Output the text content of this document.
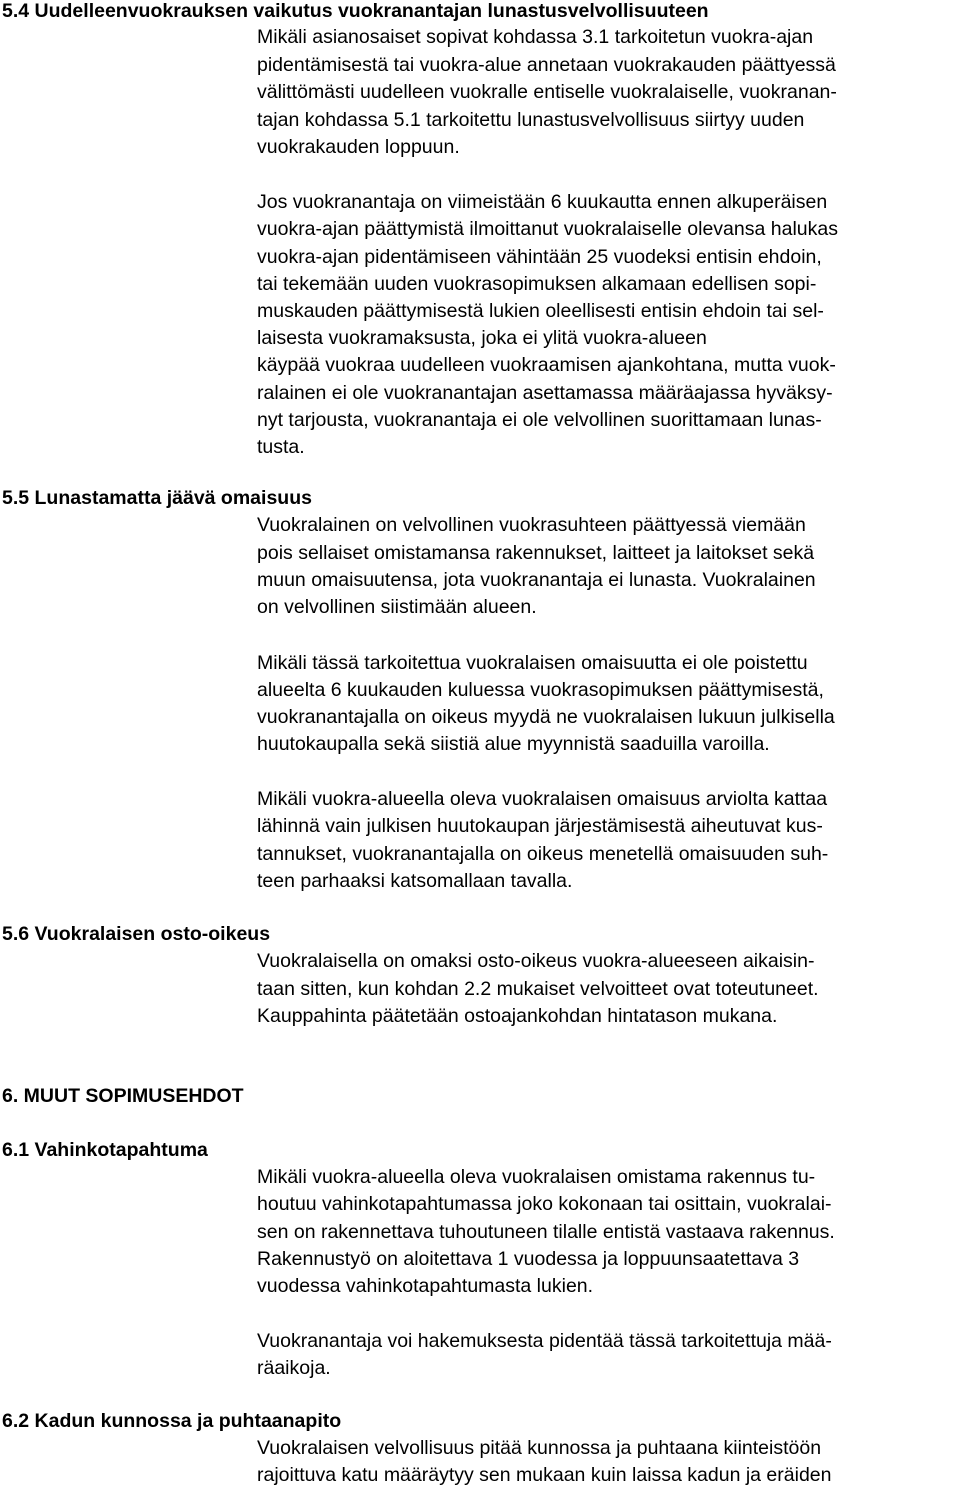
5.4 Uudelleenvuokrauksen vaikutus vuokranantajan lunastusvelvollisuuteen
Mikäli asianosaiset sopivat kohdassa 3.1 tarkoitetun vuokra-ajan
pidentämisestä tai vuokra-alue annetaan vuokrakauden päättyessä
välittömästi uudelleen vuokralle entiselle vuokralaiselle, vuokranan-
tajan kohdassa 5.1 tarkoitettu lunastusvelvollisuus siirtyy uuden
vuokrakauden loppuun.
Jos vuokranantaja on viimeistään 6 kuukautta ennen alkuperäisen
vuokra-ajan päättymistä ilmoittanut vuokralaiselle olevansa halukas
vuokra-ajan pidentämiseen vähintään 25 vuodeksi entisin ehdoin,
tai tekemään uuden vuokrasopimuksen alkamaan edellisen sopi-
muskauden päättymisestä lukien oleellisesti entisin ehdoin tai sel-
laisesta vuokramaksusta, joka ei ylitä vuokra-alueen
käypää vuokraa uudelleen vuokraamisen ajankohtana, mutta vuok-
ralainen ei ole vuokranantajan asettamassa määräajassa hyväksy-
nyt tarjousta, vuokranantaja ei ole velvollinen suorittamaan lunas-
tusta.
5.5 Lunastamatta jäävä omaisuus
Vuokralainen on velvollinen vuokrasuhteen päättyessä viemään
pois sellaiset omistamansa rakennukset, laitteet ja laitokset sekä
muun omaisuutensa, jota vuokranantaja ei lunasta. Vuokralainen
on velvollinen siistimään alueen.
Mikäli tässä tarkoitettua vuokralaisen omaisuutta ei ole poistettu
alueelta 6 kuukauden kuluessa vuokrasopimuksen päättymisestä,
vuokranantajalla on oikeus myydä ne vuokralaisen lukuun julkisella
huutokaupalla sekä siistiä alue myynnistä saaduilla varoilla.
Mikäli vuokra-alueella oleva vuokralaisen omaisuus arviolta kattaa
lähinnä vain julkisen huutokaupan järjestämisestä aiheutuvat kus-
tannukset, vuokranantajalla on oikeus menetellä omaisuuden suh-
teen parhaaksi katsomallaan tavalla.
5.6 Vuokralaisen osto-oikeus
Vuokralaisella on omaksi osto-oikeus vuokra-alueeseen aikaisin-
taan sitten, kun kohdan 2.2 mukaiset velvoitteet ovat toteutuneet.
Kauppahinta päätetään ostoajankohdan hintatason mukana.
6. MUUT SOPIMUSEHDOT
6.1 Vahinkotapahtuma
Mikäli vuokra-alueella oleva vuokralaisen omistama rakennus tu-
houtuu vahinkotapahtumassa joko kokonaan tai osittain, vuokralai-
sen on rakennettava tuhoutuneen tilalle entistä vastaava rakennus.
Rakennustyö on aloitettava 1 vuodessa ja loppuunsaatettava 3
vuodessa vahinkotapahtumasta lukien.
Vuokranantaja voi hakemuksesta pidentää tässä tarkoitettuja mää-
räaikoja.
6.2 Kadun kunnossa ja puhtaanapito
Vuokralaisen velvollisuus pitää kunnossa ja puhtaana kiinteistöön
rajoittuva katu määräytyy sen mukaan kuin laissa kadun ja eräiden
